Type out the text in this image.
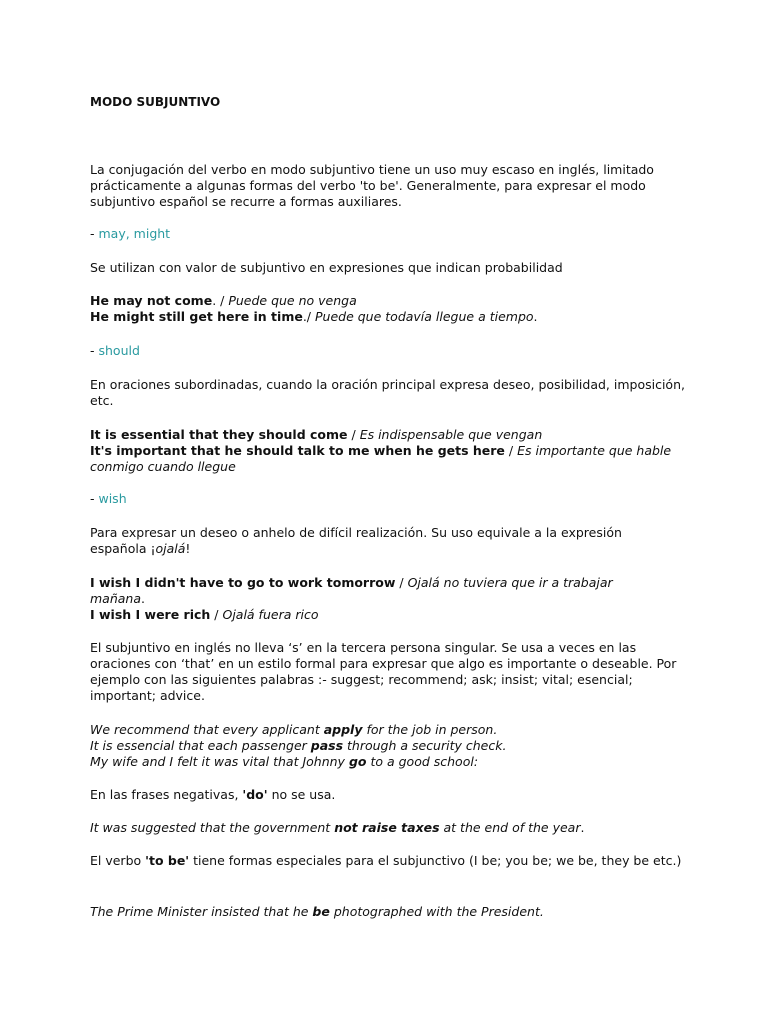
MODO SUBJUNTIVO

La conjugación del verbo en modo subjuntivo tiene un uso muy escaso en inglés, limitado prácticamente a algunas formas del verbo 'to be'. Generalmente, para expresar el modo subjuntivo español se recurre a formas auxiliares.

- may, might

Se utilizan con valor de subjuntivo en expresiones que indican probabilidad

He may not come. / Puede que no venga
He might still get here in time./ Puede que todavía llegue a tiempo.

- should

En oraciones subordinadas, cuando la oración principal expresa deseo, posibilidad, imposición, etc.

It is essential that they should come / Es indispensable que vengan
It's important that he should talk to me when he gets here / Es importante que hable
conmigo cuando llegue

- wish

Para expresar un deseo o anhelo de difícil realización. Su uso equivale a la expresión
española ¡ojalá!

I wish I didn't have to go to work tomorrow / Ojalá no tuviera que ir a trabajar
mañana.
I wish I were rich / Ojalá fuera rico

El subjuntivo en inglés no lleva ‘s’ en la tercera persona singular. Se usa a veces en las oraciones con ‘that’ en un estilo formal para expresar que algo es importante o deseable. Por ejemplo con las siguientes palabras :- suggest; recommend; ask; insist; vital; esencial; important; advice.

We recommend that every applicant apply for the job in person.
It is essencial that each passenger pass through a security check.
My wife and I felt it was vital that Johnny go to a good school:

En las frases negativas, 'do' no se usa.

It was suggested that the government not raise taxes at the end of the year.

El verbo 'to be' tiene formas especiales para el subjunctivo (I be; you be; we be, they be etc.)

The Prime Minister insisted that he be photographed with the President.
